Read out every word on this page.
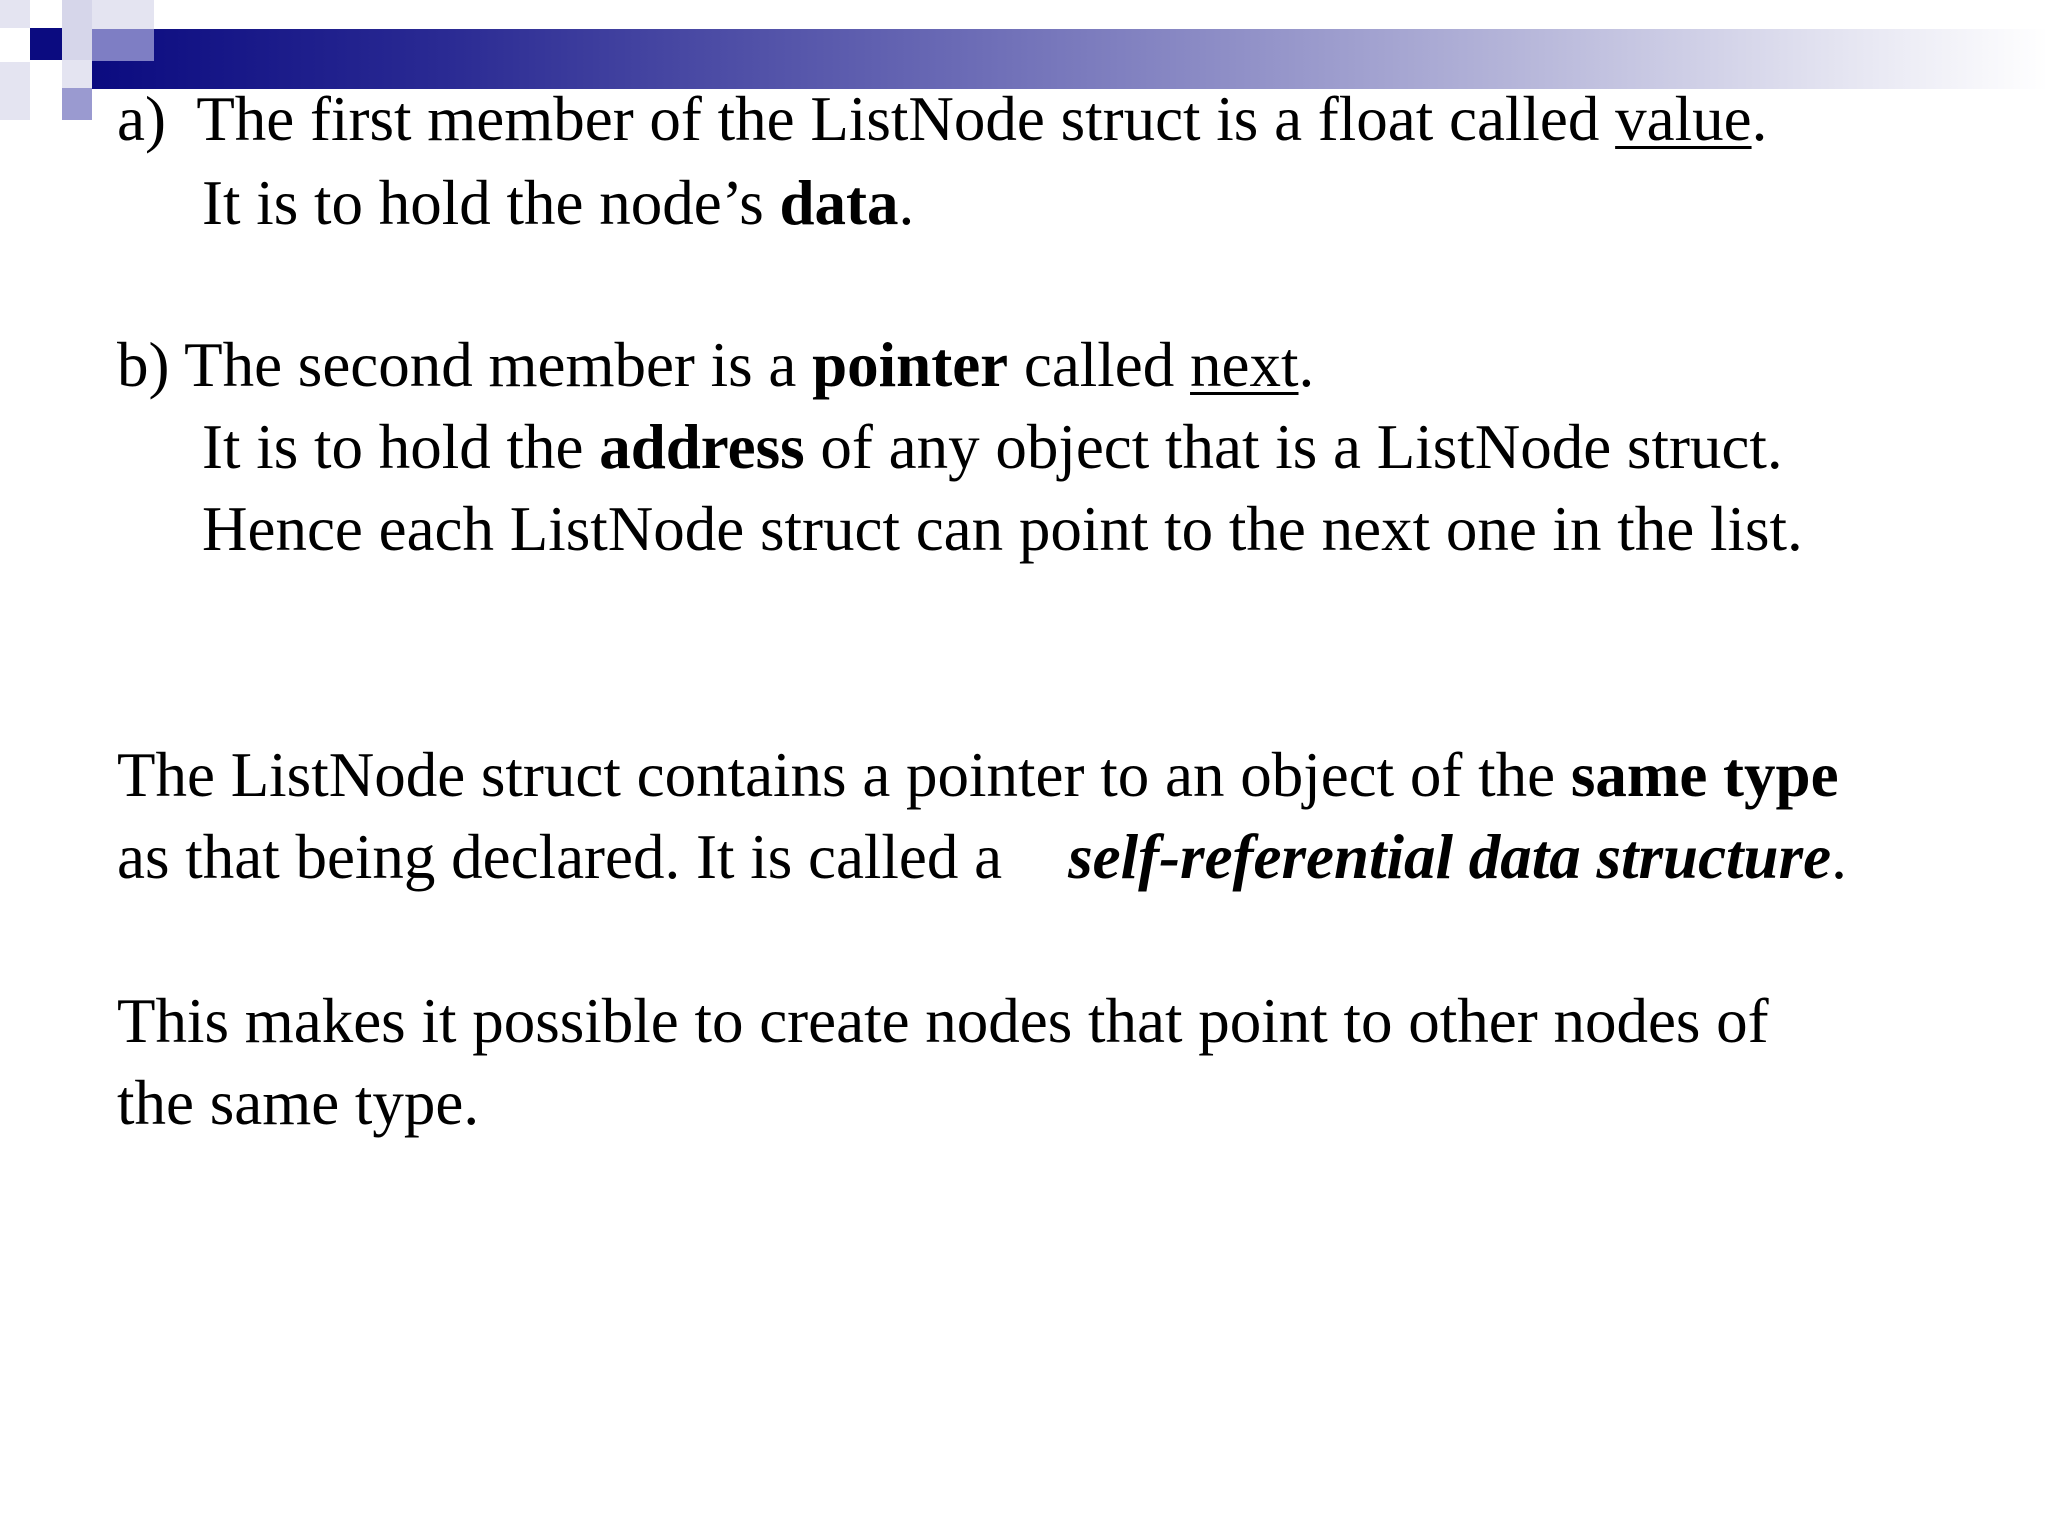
a) The first member of the ListNode struct is a float called value.
It is to hold the node’s data.
b) The second member is a pointer called next.
It is to hold the address of any object that is a ListNode struct.
Hence each ListNode struct can point to the next one in the list.
The ListNode struct contains a pointer to an object of the same type
as that being declared. It is called a self-referential data structure.
This makes it possible to create nodes that point to other nodes of
the same type.
